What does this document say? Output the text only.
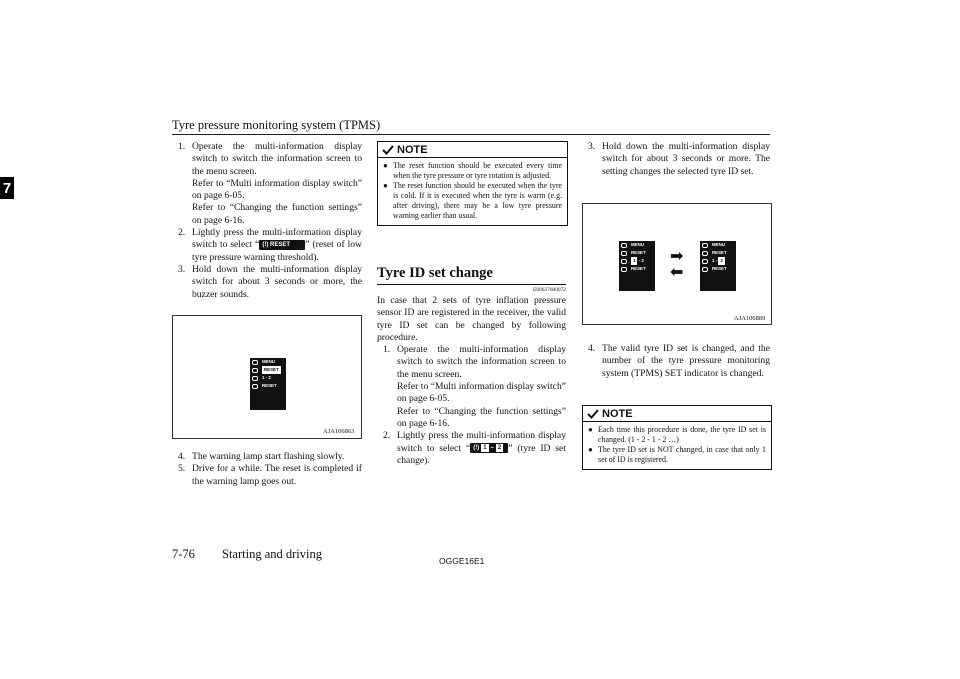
Tyre pressure monitoring system (TPMS)
7
1. Operate the multi-information display switch to switch the information screen to the menu screen.
Refer to “Multi information display switch” on page 6-05.
Refer to “Changing the function settings” on page 6-16.
2. Lightly press the multi-information display switch to select “ (!) RESET ” (reset of low tyre pressure warning threshold).
3. Hold down the multi-information display switch for about 3 seconds or more, the buzzer sounds.
MENU
RESET
1
-
2
RESET
AJA106863
4. The warning lamp start flashing slowly.
5. Drive for a while. The reset is completed if the warning lamp goes out.
NOTE
● The reset function should be executed every time when the tyre pressure or tyre rotation is adjusted.
● The reset function should be executed when the tyre is cold. If it is executed when the tyre is warm (e.g. after driving), there may be a low tyre pressure warning earlier than usual.
Tyre ID set change
E00637600072
In case that 2 sets of tyre inflation pressure sensor ID are registered in the receiver, the valid tyre ID set can be changed by following procedure.
1. Operate the multi-information display switch to switch the information screen to the menu screen.
Refer to “Multi information display switch” on page 6-05.
Refer to “Changing the function settings” on page 6-16.
2. Lightly press the multi-information display switch to select “ (!) 1 – 2 ” (tyre ID set change).
3. Hold down the multi-information display switch for about 3 seconds or more. The setting changes the selected tyre ID set.
MENU
RESET
1
-
2
RESET
➡
⬅
MENU
RESET
1
-
2
RESET
AJA106889
4. The valid tyre ID set is changed, and the number of the tyre pressure monitoring system (TPMS) SET indicator is changed.
NOTE
● Each time this procedure is done, the tyre ID set is changed. (1 - 2 - 1 - 2 …)
● The tyre ID set is NOT changed, in case that only 1 set of ID is registered.
7-76 Starting and driving	OGGE16E1
